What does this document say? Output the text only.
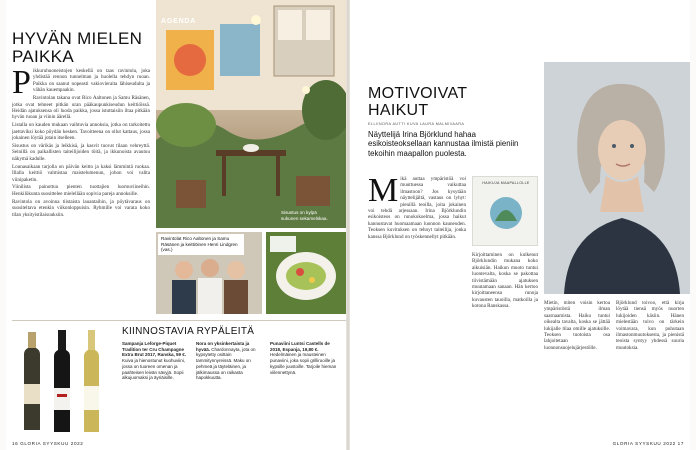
HYVÄN MIELEN
PAIKKA
P ikkuruhuoneistojen keskellä on taas ravintola, joka yhdistää rennon tunnelman ja huolella tehdyn ruoan. Paikka on saanut nopeasti vakiovieraita lähiseudulta ja vähän kauempaakin.

Ravintolan takana ovat Rico Aaltonen ja Samu Räsänen, jotka ovat tehneet pitkän uran pääkaupunkiseudun keittiöissä. Heidän ajatuksensa oli luoda paikka, jossa istuttaisiin iltaa pitkään hyvän ruoan ja viinin äärellä.

Listalla on kauden mukaan vaihtuvia annoksia, jotka on tarkoitettu jaettaviksi koko pöydän kesken. Tavoitteena on ollut kattaus, jossa jokainen löytää jotain itselleen.

Sisustus on värikäs ja leikkisä, ja kasvit tuovat tilaan vehreyttä. Seinillä on paikallisten taiteilijoiden töitä, ja ikkunoista avautuu näkymä kadulle.

Lounasaikaan tarjolla on päivän keitto ja kaksi lämmintä ruokaa. Illalla keittiö valmistaa maistelumenun, johon voi valita viinipaketin.

Viinilista painottuu pienten tuottajien luomuviineihin. Henkilökunta suosittelee mielellään sopivia pareja annoksille.

Ravintola on avoinna tiistaista lauantaihin, ja pöytävaraus on suositeltava etenkin viikonloppuisin. Ryhmille voi varata koko tilan yksityistilaisuuksiin.

AGENDA
Sisustus on kylpä sukunen sekamelskaa.
Ravintolat Rico Aaltonen ja Samu Räsänen ja keittiöinen Henri Lindgren (vas.)
KIINNOSTAVIA RYPÄLEITÄ
Sampanja Leforge-Piquet Tradition ter Cru Champagne Extra Brut 2017, Ranska, 59 €. Kuiva ja hienostunut kuohuviini, jossa on tuoreen omenan ja paahteisen leivän sävyjä. Sopii alkujuomaksi ja äyriäisille.
Nora on yksinkertaista ja hyvää. Chardonnayta, jota on kypsytetty osittain tammitynnyreissä. Maku on pehmeä ja täyteläinen, ja jälkimaussa on raikasta hapokkuutta.
Punaviini Luntsi Castells de 2018, Espanja, 19,80 €. Hedelmäinen ja mausteinen punaviini, joka sopii grilliruoille ja kypsille juustoille. Tarjoile hieman viilennettynä.
16 GLORIA SYYSKUU 2022
MOTIVOIVAT
HAIKUT
ELLIINORA AUTTI KUVA LAURA MALMIVAARA
Näyttelijä Irina Björklund hahaa esikoisteoksellaan kannustaa ilmistä pieniin tekoihin maapallon puolesta.
HAIKUJA MAAPALLOLLE
M ikä auttaa ympäristöä voi muuttuessa vaikuttaa ilmastoon? Jos kysytään näyttelijältä, vastaus on lyhyt: pienillä teoilla, joita jokainen voi tehdä arjessaan. Irina Björklundin esikoisteos on runokokoelma, jossa haikut kannustavat huomaamaan luonnon kauneuden. Teoksen kuvituksen on tehnyt taiteilija, jonka kanssa Björklund on työskennellyt pitkään.

Kirjoittaminen on kulkenut Björklundin mukana koko aikuisiän. Haikun muoto tuntui luontevalta, koska se pakottaa tiivistämään ajatuksen muutamaan sanaan. Hän kertoo kirjoittaneensa runoja kuvausten tauoilla, matkoilla ja kotona Ranskassa.

Mietin, miten voisin kertoa ympäristöstä ilman saarnaamista. Haiku tuntui oikealta tavalta, koska se jättää lukijalle tilaa omille ajatuksille. Teoksen tuotoista osa lahjoitetaan luonnonsuojelujärjestölle.

Björklund toivoo, että kirja löytää tiensä myös nuorten lukijoiden käsiin. Hänen mielestään toivo on tärkein voimavara, kun puhutaan ilmastonmuutoksesta, ja pienistä teoista syntyy yhdessä suuria muutoksia.

GLORIA SYYSKUU 2022 17
